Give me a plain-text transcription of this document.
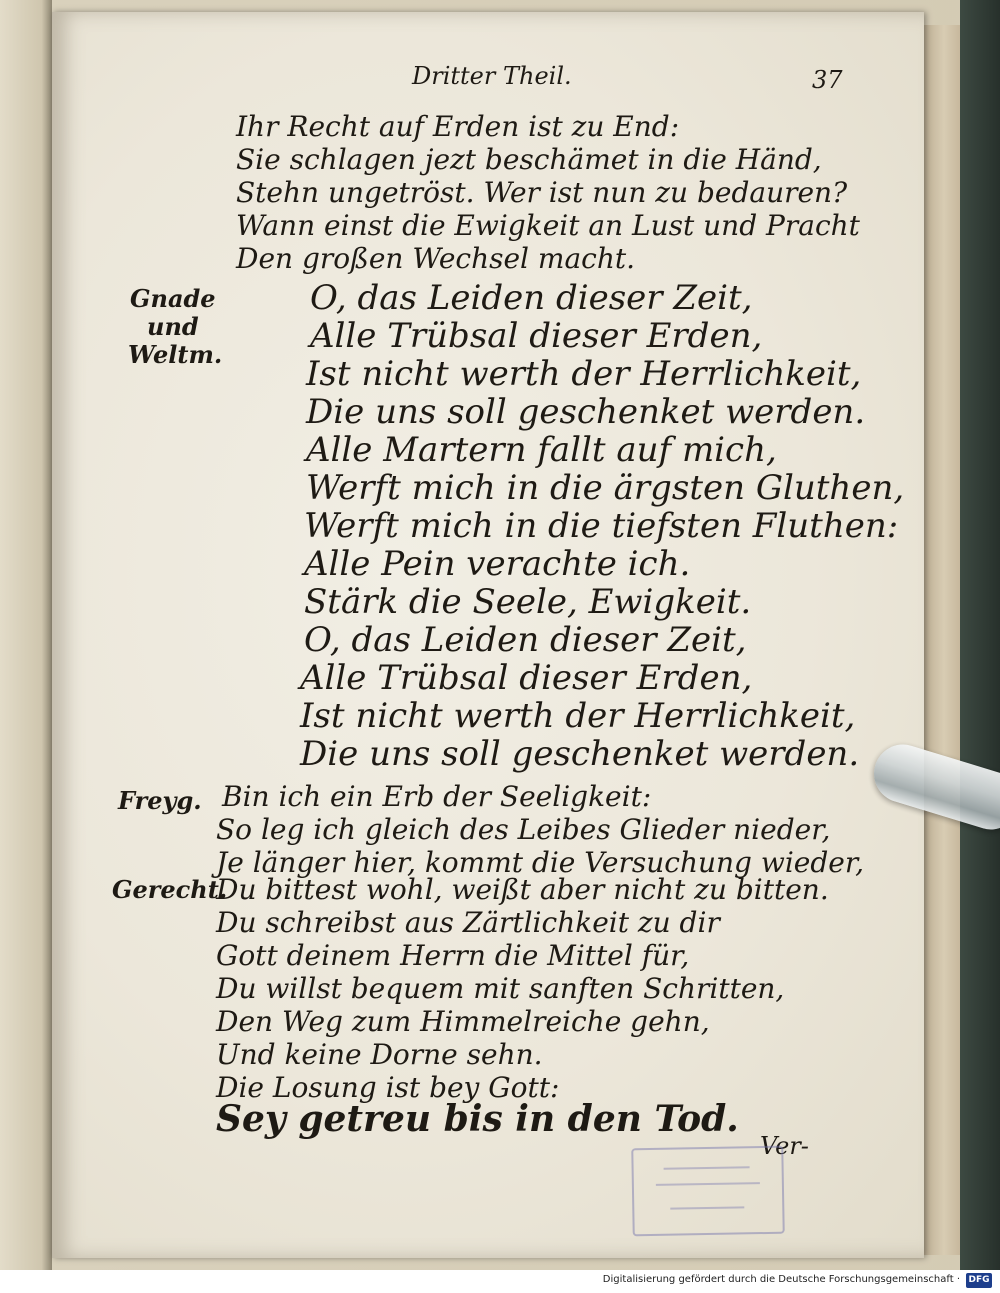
Dritter Theil.	37
Ihr Recht auf Erden ist zu End:
Sie schlagen jezt beschämet in die Händ,
Stehn ungetröst. Wer ist nun zu bedauren?
Wann einst die Ewigkeit an Lust und Pracht
Den großen Wechsel macht.
Gnade
und
Weltm.
O, das Leiden dieser Zeit,
Alle Trübsal dieser Erden,
Ist nicht werth der Herrlichkeit,
Die uns soll geschenket werden.
Alle Martern fallt auf mich,
Werft mich in die ärgsten Gluthen,
Werft mich in die tiefsten Fluthen:
Alle Pein verachte ich.
Stärk die Seele, Ewigkeit.
O, das Leiden dieser Zeit,
Alle Trübsal dieser Erden,
Ist nicht werth der Herrlichkeit,
Die uns soll geschenket werden.
Freyg. Bin ich ein Erb der Seeligkeit:
So leg ich gleich des Leibes Glieder nieder,
Je länger hier, kommt die Versuchung wieder,
Gerecht.
Du bittest wohl, weißt aber nicht zu bitten.
Du schreibst aus Zärtlichkeit zu dir
Gott deinem Herrn die Mittel für,
Du willst bequem mit sanften Schritten,
Den Weg zum Himmelreiche gehn,
Und keine Dorne sehn.
Die Losung ist bey Gott:
Sey getreu bis in den Tod.
Ver-
Digitalisierung gefördert durch die Deutsche Forschungsgemeinschaft · DFG
